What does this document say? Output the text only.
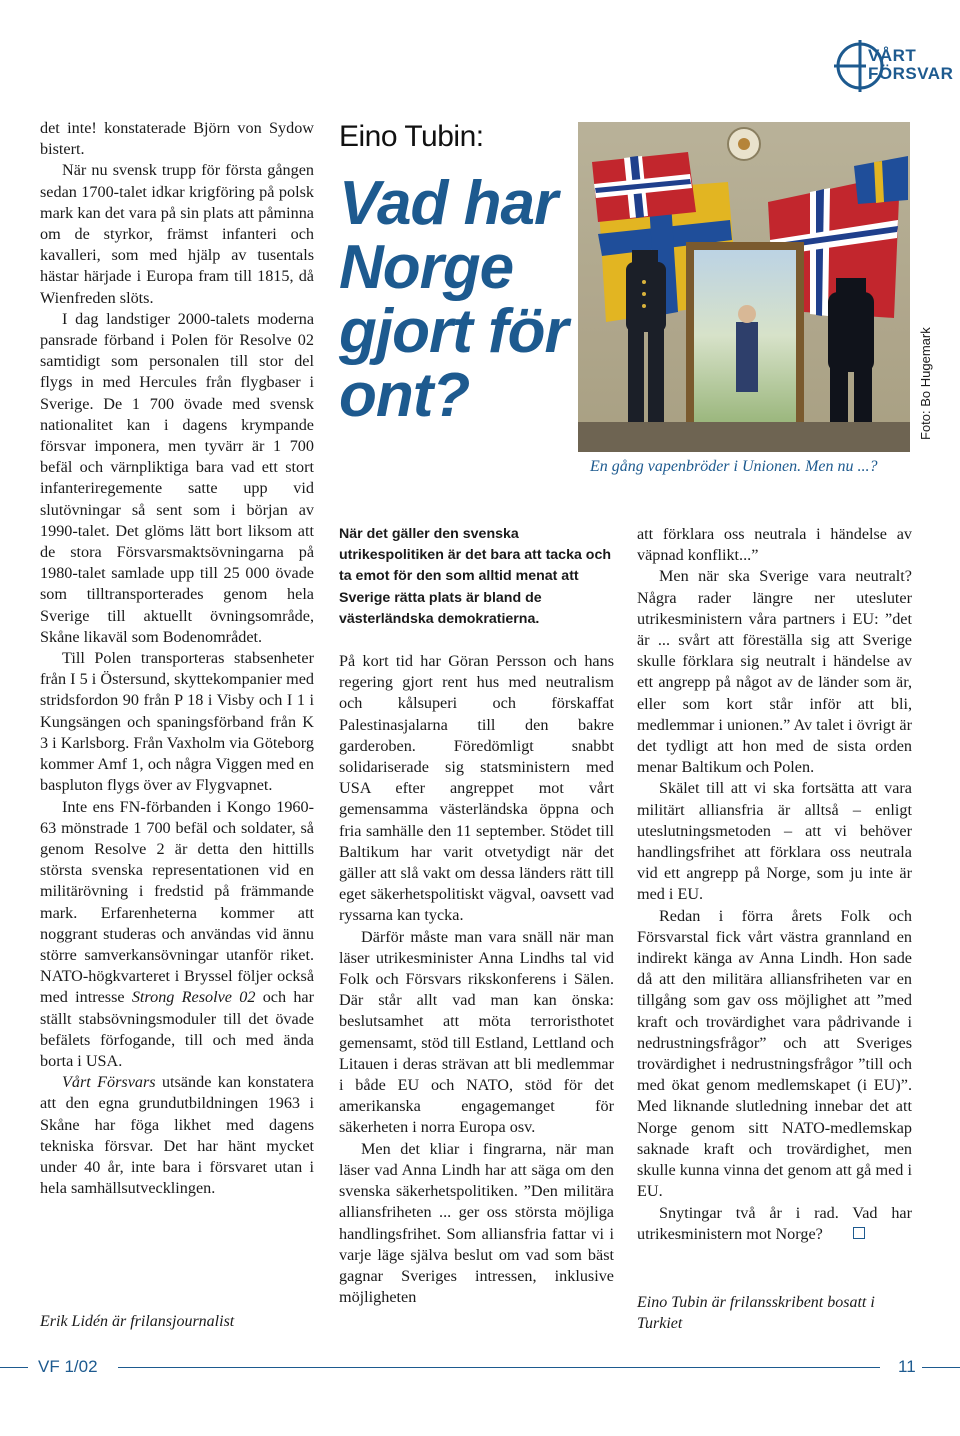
VÅRT
FÖRSVAR

det inte! konstaterade Björn von Sydow bistert.

När nu svensk trupp för första gången sedan 1700-talet idkar krigföring på polsk mark kan det vara på sin plats att påminna om de styrkor, främst infanteri och kavalleri, som med hjälp av tusentals hästar härjade i Europa fram till 1815, då Wienfreden slöts.

I dag landstiger 2000-talets moderna pansrade förband i Polen för Resolve 02 samtidigt som personalen till stor del flygs in med Hercules från flygbaser i Sverige. De 1 700 övade med svensk nationalitet kan i dagens krympande försvar imponera, men tyvärr är 1 700 befäl och värnpliktiga bara vad ett stort infanteriregemente satte upp vid slutövningar så sent som i början av 1990-talet. Det glöms lätt bort liksom att de stora Försvarsmaktsövningarna på 1980-talet samlade upp till 25 000 övade som tilltransporterades genom hela Sverige till aktuellt övningsområde, Skåne likaväl som Bodenområdet.

Till Polen transporteras stabsenheter från I 5 i Östersund, skyttekompanier med stridsfordon 90 från P 18 i Visby och I 1 i Kungsängen och spaningsförband från K 3 i Karlsborg. Från Vaxholm via Göteborg kommer Amf 1, och några Viggen med en baspluton flygs över av Flygvapnet.

Inte ens FN-förbanden i Kongo 1960-63 mönstrade 1 700 befäl och soldater, så genom Resolve 2 är detta den hittills största svenska representationen vid en militärövning i fredstid på främmande mark. Erfarenheterna kommer att noggrant studeras och användas vid ännu större samverkansövningar utanför riket. NATO-högkvarteret i Bryssel följer också med intresse Strong Resolve 02 och har ställt stabsövningsmoduler till det övade befälets förfogande, till och med ända borta i USA.

Vårt Försvars utsände kan konstatera att den egna grundutbildningen 1963 i Skåne har föga likhet med dagens tekniska försvar. Det har hänt mycket under 40 år, inte bara i försvaret utan i hela samhällsutvecklingen.

Erik Lidén är frilansjournalist
Eino Tubin:
Vad har Norge gjort för ont?
En gång vapenbröder i Unionen. Men nu ...?
Foto: Bo Hugemark

När det gäller den svenska utrikespolitiken är det bara att tacka och ta emot för den som alltid menat att Sverige rätta plats är bland de västerländska demokratierna.

På kort tid har Göran Persson och hans regering gjort rent hus med neutralism och kålsuperi och förskaffat Palestinasjalarna till den bakre garderoben. Föredömligt snabbt solidariserade sig statsministern med USA efter angreppet mot vårt gemensamma västerländska öppna och fria samhälle den 11 september. Stödet till Baltikum har varit otvetydigt när det gäller att slå vakt om dessa länders rätt till eget säkerhetspolitiskt vägval, oavsett vad ryssarna kan tycka.

Därför måste man vara snäll när man läser utrikesminister Anna Lindhs tal vid Folk och Försvars rikskonferens i Sälen. Där står allt vad man kan önska: beslutsamhet att möta terroristhotet gemensamt, stöd till Estland, Lettland och Litauen i deras strävan att bli medlemmar i både EU och NATO, stöd för det amerikanska engagemanget för säkerheten i norra Europa osv.

Men det kliar i fingrarna, när man läser vad Anna Lindh har att säga om den svenska säkerhetspolitiken. ”Den militära alliansfriheten ... ger oss största möjliga handlingsfrihet. Som alliansfria fattar vi i varje läge själva beslut om vad som bäst gagnar Sveriges intressen, inklusive möjligheten

att förklara oss neutrala i händelse av väpnad konflikt...”

Men när ska Sverige vara neutralt? Några rader längre ner utesluter utrikesministern våra partners i EU: ”det är ... svårt att föreställa sig att Sverige skulle förklara sig neutralt i händelse av ett angrepp på något av de länder som är, eller som kort står inför att bli, medlemmar i unionen.” Av talet i övrigt är det tydligt att hon med de sista orden menar Baltikum och Polen.

Skälet till att vi ska fortsätta att vara militärt alliansfria är alltså – enligt uteslutningsmetoden – att vi behöver handlingsfrihet att förklara oss neutrala vid ett angrepp på Norge, som ju inte är med i EU.

Redan i förra årets Folk och Försvarstal fick vårt västra grannland en indirekt känga av Anna Lindh. Hon sade då att den militära alliansfriheten var en tillgång som gav oss möjlighet att ”med kraft och trovärdighet vara pådrivande i nedrustningsfrågor” och att Sveriges trovärdighet i nedrustningsfrågor ”till och med ökat genom medlemskapet (i EU)”. Med liknande slutledning innebar det att Norge genom sitt NATO-medlemskap saknade kraft och trovärdighet, men skulle kunna vinna det genom att gå med i EU.

Snytingar två år i rad. Vad har utrikesministern mot Norge?

Eino Tubin är frilansskribent bosatt i Turkiet
VF 1/02	11
